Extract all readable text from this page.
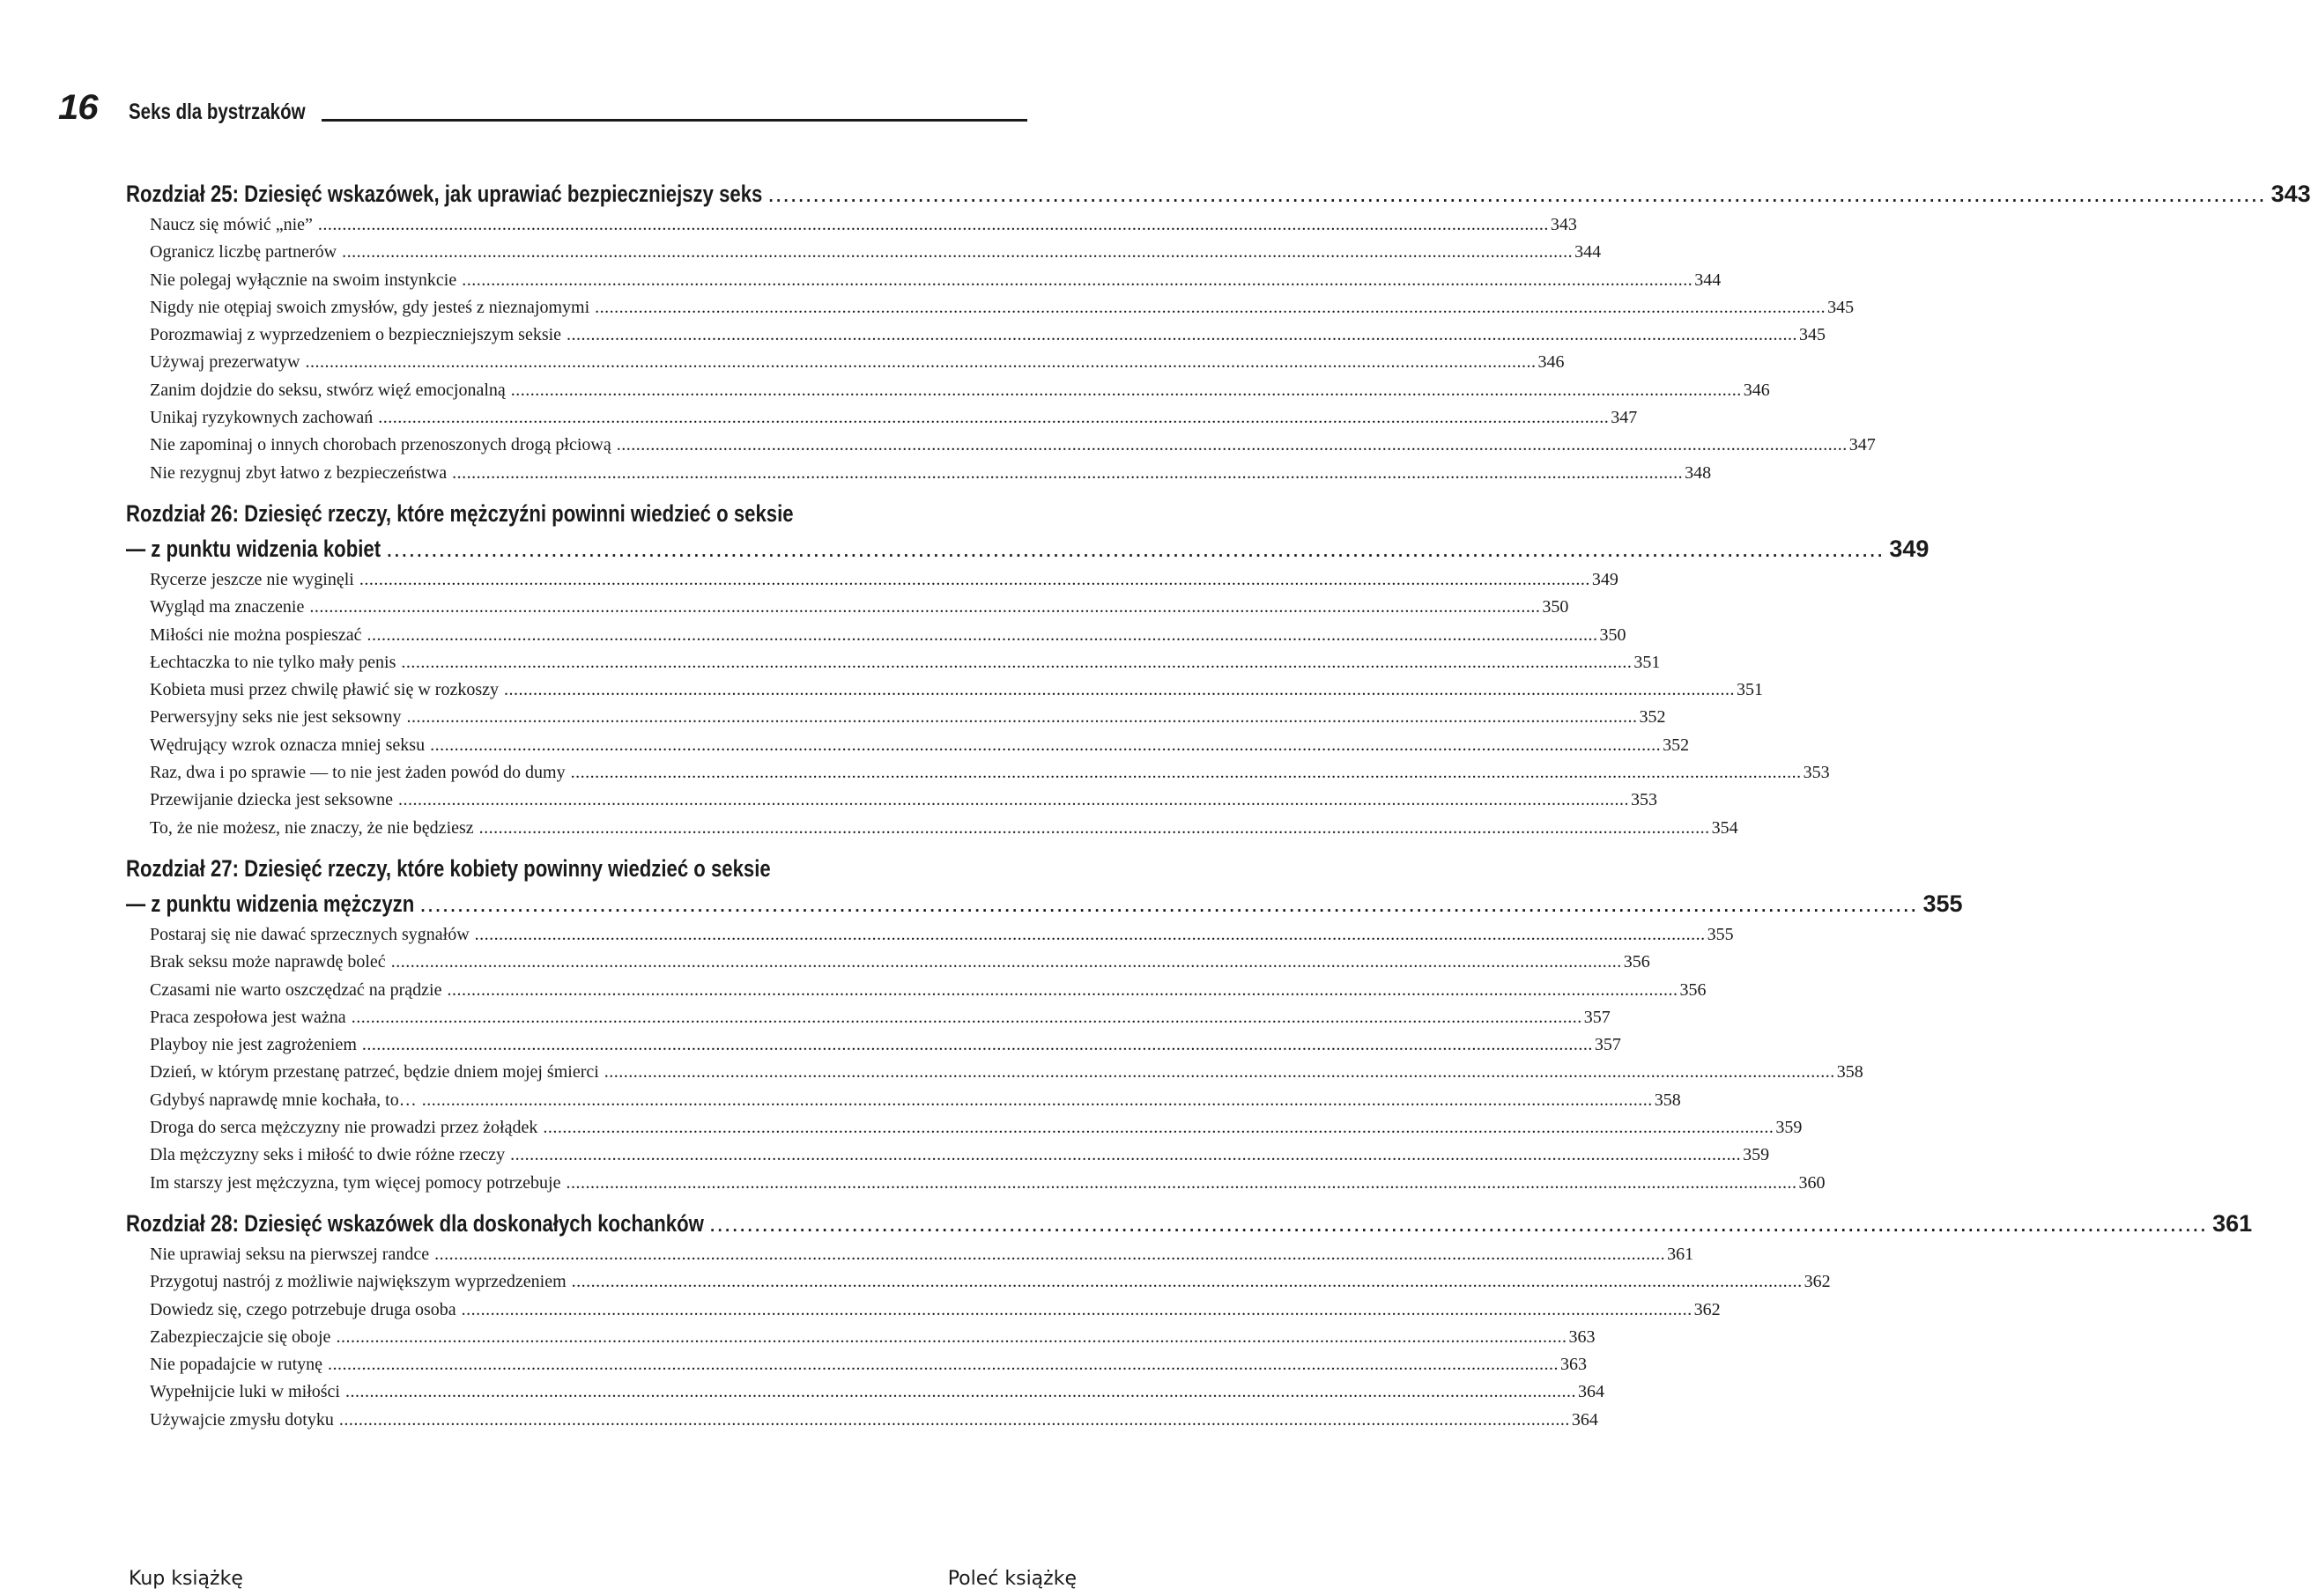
16	Seks dla bystrzaków
Rozdział 25: Dziesięć wskazówek, jak uprawiać bezpieczniejszy seks .....	343
Naucz się mówić „nie” .....	343
Ogranicz liczbę partnerów .....	344
Nie polegaj wyłącznie na swoim instynkcie .....	344
Nigdy nie otępiaj swoich zmysłów, gdy jesteś z nieznajomymi .....	345
Porozmawiaj z wyprzedzeniem o bezpieczniejszym seksie .....	345
Używaj prezerwatyw .....	346
Zanim dojdzie do seksu, stwórz więź emocjonalną .....	346
Unikaj ryzykownych zachowań .....	347
Nie zapominaj o innych chorobach przenoszonych drogą płciową .....	347
Nie rezygnuj zbyt łatwo z bezpieczeństwa .....	348
Rozdział 26: Dziesięć rzeczy, które mężczyźni powinni wiedzieć o seksie
— z punktu widzenia kobiet .....	349
Rycerze jeszcze nie wyginęli .....	349
Wygląd ma znaczenie .....	350
Miłości nie można pospieszać .....	350
Łechtaczka to nie tylko mały penis .....	351
Kobieta musi przez chwilę pławić się w rozkoszy .....	351
Perwersyjny seks nie jest seksowny .....	352
Wędrujący wzrok oznacza mniej seksu .....	352
Raz, dwa i po sprawie — to nie jest żaden powód do dumy .....	353
Przewijanie dziecka jest seksowne .....	353
To, że nie możesz, nie znaczy, że nie będziesz .....	354
Rozdział 27: Dziesięć rzeczy, które kobiety powinny wiedzieć o seksie
— z punktu widzenia mężczyzn .....	355
Postaraj się nie dawać sprzecznych sygnałów .....	355
Brak seksu może naprawdę boleć .....	356
Czasami nie warto oszczędzać na prądzie .....	356
Praca zespołowa jest ważna .....	357
Playboy nie jest zagrożeniem .....	357
Dzień, w którym przestanę patrzeć, będzie dniem mojej śmierci .....	358
Gdybyś naprawdę mnie kochała, to… .....	358
Droga do serca mężczyzny nie prowadzi przez żołądek .....	359
Dla mężczyzny seks i miłość to dwie różne rzeczy .....	359
Im starszy jest mężczyzna, tym więcej pomocy potrzebuje .....	360
Rozdział 28: Dziesięć wskazówek dla doskonałych kochanków .....	361
Nie uprawiaj seksu na pierwszej randce .....	361
Przygotuj nastrój z możliwie największym wyprzedzeniem .....	362
Dowiedz się, czego potrzebuje druga osoba .....	362
Zabezpieczajcie się oboje .....	363
Nie popadajcie w rutynę .....	363
Wypełnijcie luki w miłości .....	364
Używajcie zmysłu dotyku .....	364
Kup książkę	Poleć książkę
